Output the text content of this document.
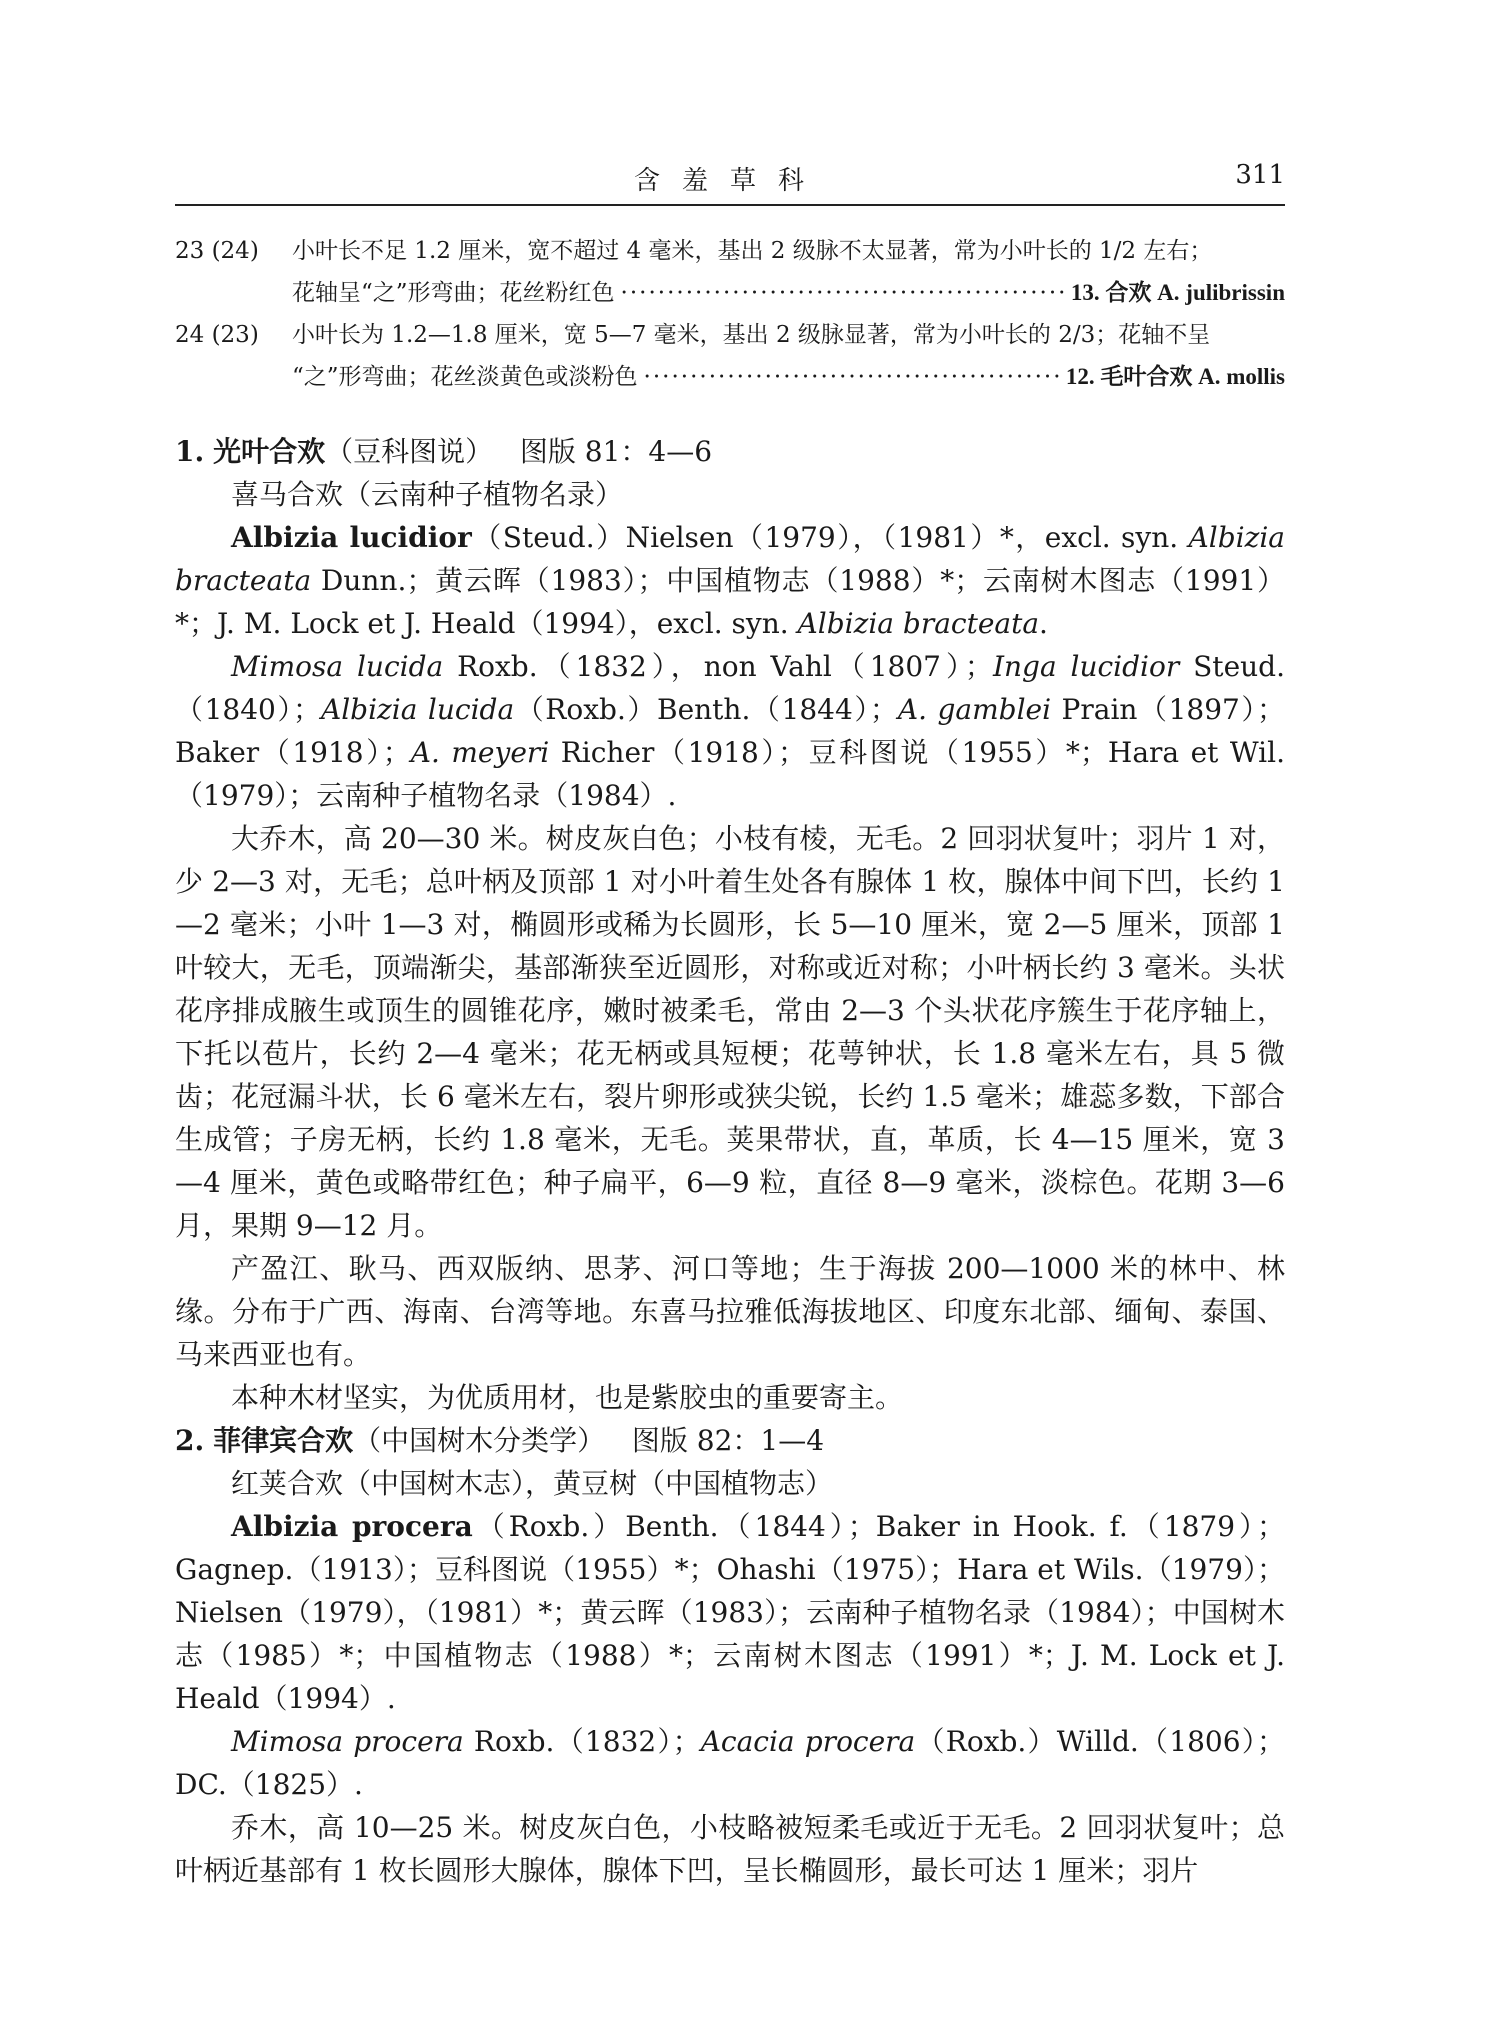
含羞草科	311
23 (24)	小叶长不足 1.2 厘米，宽不超过 4 毫米，基出 2 级脉不太显著，常为小叶长的 1/2 左右；
花轴呈“之”形弯曲；花丝粉红色 ·····	13. 合欢 A. julibrissin
24 (23)	小叶长为 1.2—1.8 厘米，宽 5—7 毫米，基出 2 级脉显著，常为小叶长的 2/3；花轴不呈
“之”形弯曲；花丝淡黄色或淡粉色 ·····	12. 毛叶合欢 A. mollis

1. 光叶合欢（豆科图说） 图版 81：4—6

喜马合欢（云南种子植物名录）

Albizia lucidior（Steud.）Nielsen（1979），（1981）*，excl. syn. Albizia bracteata Dunn.；黄云晖（1983）；中国植物志（1988）*；云南树木图志（1991）*；J. M. Lock et J. Heald（1994），excl. syn. Albizia bracteata.

Mimosa lucida Roxb.（1832），non Vahl（1807）；Inga lucidior Steud.（1840）；Albizia lucida（Roxb.）Benth.（1844）；A. gamblei Prain（1897）；Baker（1918）；A. meyeri Richer（1918）；豆科图说（1955）*；Hara et Wil.（1979）；云南种子植物名录（1984）.

大乔木，高 20—30 米。树皮灰白色；小枝有棱，无毛。2 回羽状复叶；羽片 1 对，少 2—3 对，无毛；总叶柄及顶部 1 对小叶着生处各有腺体 1 枚，腺体中间下凹，长约 1—2 毫米；小叶 1—3 对，椭圆形或稀为长圆形，长 5—10 厘米，宽 2—5 厘米，顶部 1 叶较大，无毛，顶端渐尖，基部渐狭至近圆形，对称或近对称；小叶柄长约 3 毫米。头状花序排成腋生或顶生的圆锥花序，嫩时被柔毛，常由 2—3 个头状花序簇生于花序轴上，下托以苞片，长约 2—4 毫米；花无柄或具短梗；花萼钟状，长 1.8 毫米左右，具 5 微齿；花冠漏斗状，长 6 毫米左右，裂片卵形或狭尖锐，长约 1.5 毫米；雄蕊多数，下部合生成管；子房无柄，长约 1.8 毫米，无毛。荚果带状，直，革质，长 4—15 厘米，宽 3—4 厘米，黄色或略带红色；种子扁平，6—9 粒，直径 8—9 毫米，淡棕色。花期 3—6 月，果期 9—12 月。

产盈江、耿马、西双版纳、思茅、河口等地；生于海拔 200—1000 米的林中、林缘。分布于广西、海南、台湾等地。东喜马拉雅低海拔地区、印度东北部、缅甸、泰国、马来西亚也有。

本种木材坚实，为优质用材，也是紫胶虫的重要寄主。

2. 菲律宾合欢（中国树木分类学） 图版 82：1—4

红荚合欢（中国树木志），黄豆树（中国植物志）

Albizia procera（Roxb.）Benth.（1844）；Baker in Hook. f.（1879）；Gagnep.（1913）；豆科图说（1955）*；Ohashi（1975）；Hara et Wils.（1979）；Nielsen（1979），（1981）*；黄云晖（1983）；云南种子植物名录（1984）；中国树木志（1985）*；中国植物志（1988）*；云南树木图志（1991）*；J. M. Lock et J. Heald（1994）.

Mimosa procera Roxb.（1832）；Acacia procera（Roxb.）Willd.（1806）；DC.（1825）.

乔木，高 10—25 米。树皮灰白色，小枝略被短柔毛或近于无毛。2 回羽状复叶；总叶柄近基部有 1 枚长圆形大腺体，腺体下凹，呈长椭圆形，最长可达 1 厘米；羽片
